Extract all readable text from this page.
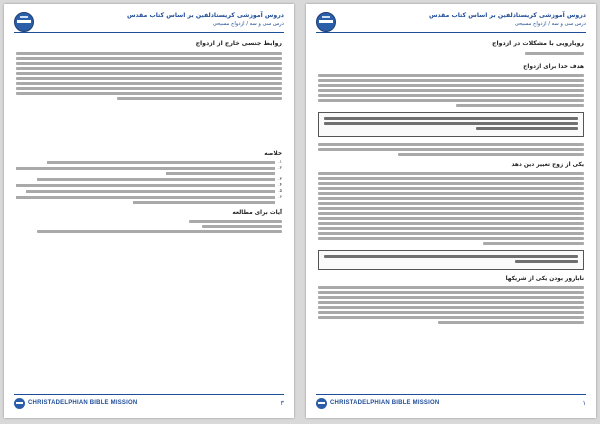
دروس آموزشی کریستادلفین بر اساس کتاب مقدس
درس سی و سه / ازدواج مسیحی
روابط جنسی خارج از ازدواج
خلاصه
۱.
۲.
۳.
۴.
۵.
۶.
آیات برای مطالعه
CHRISTADELPHIAN BIBLE MISSION	۳
دروس آموزشی کریستادلفین بر اساس کتاب مقدس
درس سی و سه / ازدواج مسیحی
رویارویی با مشکلات در ازدواج
هدف خدا برای ازدواج
یکی از زوج تغییر دین دهد
نابارور بودن یکی از شریکها
CHRISTADELPHIAN BIBLE MISSION	۱
